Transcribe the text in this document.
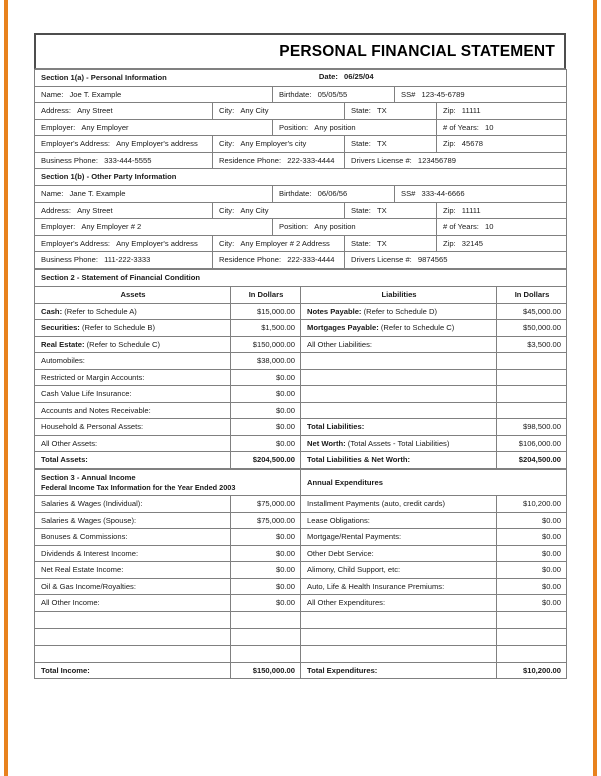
PERSONAL FINANCIAL STATEMENT
Section 1(a) - Personal Information Date: 06/25/04					
Name: Joe T. Example		Birthdate: 05/05/55		SS# 123-45-6789	
Address: Any Street	City: Any City		State: TX		Zip: 11111
Employer: Any Employer		Position: Any position			# of Years: 10
Employer's Address: Any Employer's address	City: Any Employer's city		State: TX		Zip: 45678
Business Phone: 333-444-5555	Residence Phone: 222-333-4444		Drivers License #: 123456789		
Section 1(b) - Other Party Information					
Name: Jane T. Example		Birthdate: 06/06/56		SS# 333-44-6666	
Address: Any Street	City: Any City		State: TX		Zip: 11111
Employer: Any Employer # 2		Position: Any position			# of Years: 10
Employer's Address: Any Employer's address	City: Any Employer # 2 Address		State: TX		Zip: 32145
Business Phone: 111-222-3333	Residence Phone: 222-333-4444		Drivers License #: 9874565		
Section 2 - Statement of Financial Condition			
Assets	In Dollars	Liabilities	In Dollars
Cash: (Refer to Schedule A)	$15,000.00	Notes Payable: (Refer to Schedule D)	$45,000.00
Securities: (Refer to Schedule B)	$1,500.00	Mortgages Payable: (Refer to Schedule C)	$50,000.00
Real Estate: (Refer to Schedule C)	$150,000.00	All Other Liabilities:	$3,500.00
Automobiles:	$38,000.00		
Restricted or Margin Accounts:	$0.00		
Cash Value Life Insurance:	$0.00		
Accounts and Notes Receivable:	$0.00		
Household & Personal Assets:	$0.00	Total Liabilities:	$98,500.00
All Other Assets:	$0.00	Net Worth: (Total Assets - Total Liabilities)	$106,000.00
Total Assets:	$204,500.00	Total Liabilities & Net Worth:	$204,500.00
Section 3 - Annual Income
Federal Income Tax Information for the Year Ended 2003		Annual Expenditures	
Salaries & Wages (Individual):	$75,000.00	Installment Payments (auto, credit cards)	$10,200.00
Salaries & Wages (Spouse):	$75,000.00	Lease Obligations:	$0.00
Bonuses & Commissions:	$0.00	Mortgage/Rental Payments:	$0.00
Dividends & Interest Income:	$0.00	Other Debt Service:	$0.00
Net Real Estate Income:	$0.00	Alimony, Child Support, etc:	$0.00
Oil & Gas Income/Royalties:	$0.00	Auto, Life & Health Insurance Premiums:	$0.00
All Other Income:	$0.00	All Other Expenditures:	$0.00

Total Income:	$150,000.00	Total Expenditures:	$10,200.00
